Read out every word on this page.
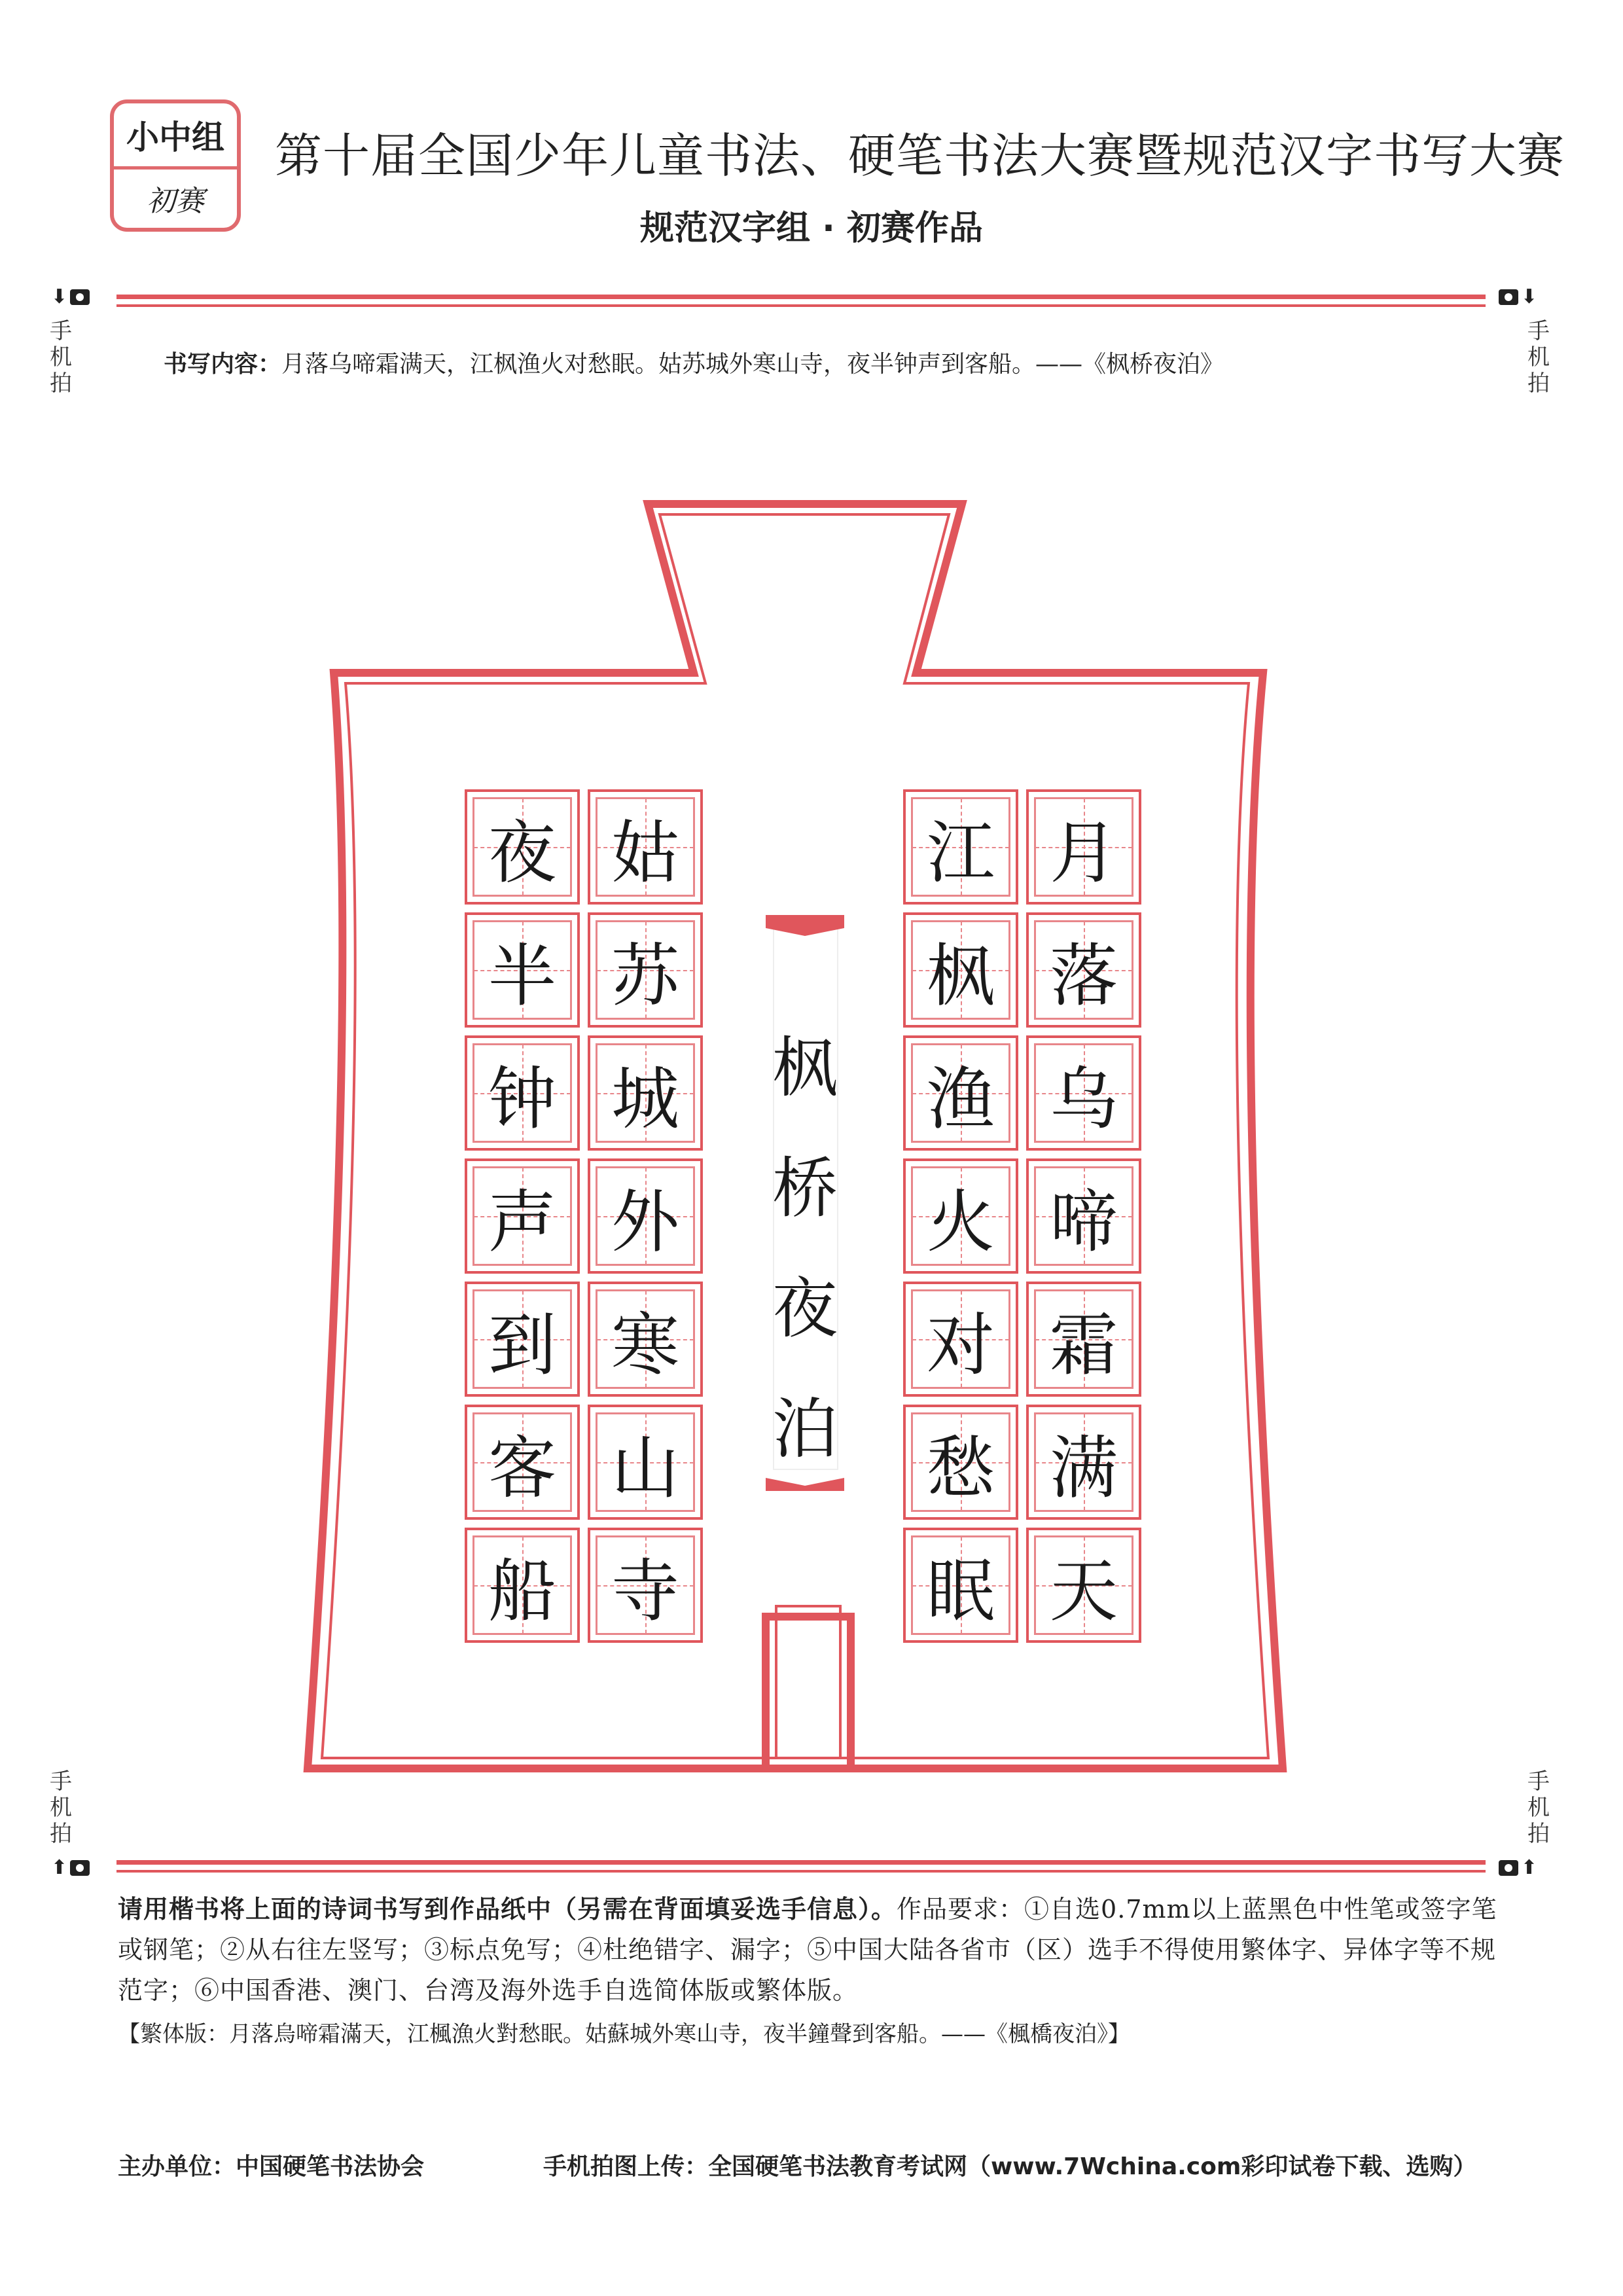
小中组
初赛
第十届全国少年儿童书法、硬笔书法大赛暨规范汉字书写大赛
规范汉字组 · 初赛作品
⬇	⬇
手
机
拍
手
机
拍
书写内容：月落乌啼霜满天，江枫渔火对愁眠。姑苏城外寒山寺，夜半钟声到客船。——《枫桥夜泊》
月
落
乌
啼
霜
满
天
江
枫
渔
火
对
愁
眠
姑
苏
城
外
寒
山
寺
夜
半
钟
声
到
客
船
枫
桥
夜
泊
手
机
拍
手
机
拍
⬆	⬆
请用楷书将上面的诗词书写到作品纸中（另需在背面填妥选手信息）。作品要求：①自选0.7mm以上蓝黑色中性笔或签字笔或钢笔；②从右往左竖写；③标点免写；④杜绝错字、漏字；⑤中国大陆各省市（区）选手不得使用繁体字、异体字等不规范字；⑥中国香港、澳门、台湾及海外选手自选简体版或繁体版。
【繁体版：月落烏啼霜滿天，江楓漁火對愁眠。姑蘇城外寒山寺，夜半鐘聲到客船。——《楓橋夜泊》】
主办单位：中国硬笔书法协会	手机拍图上传：全国硬笔书法教育考试网（www.7Wchina.com彩印试卷下载、选购）
